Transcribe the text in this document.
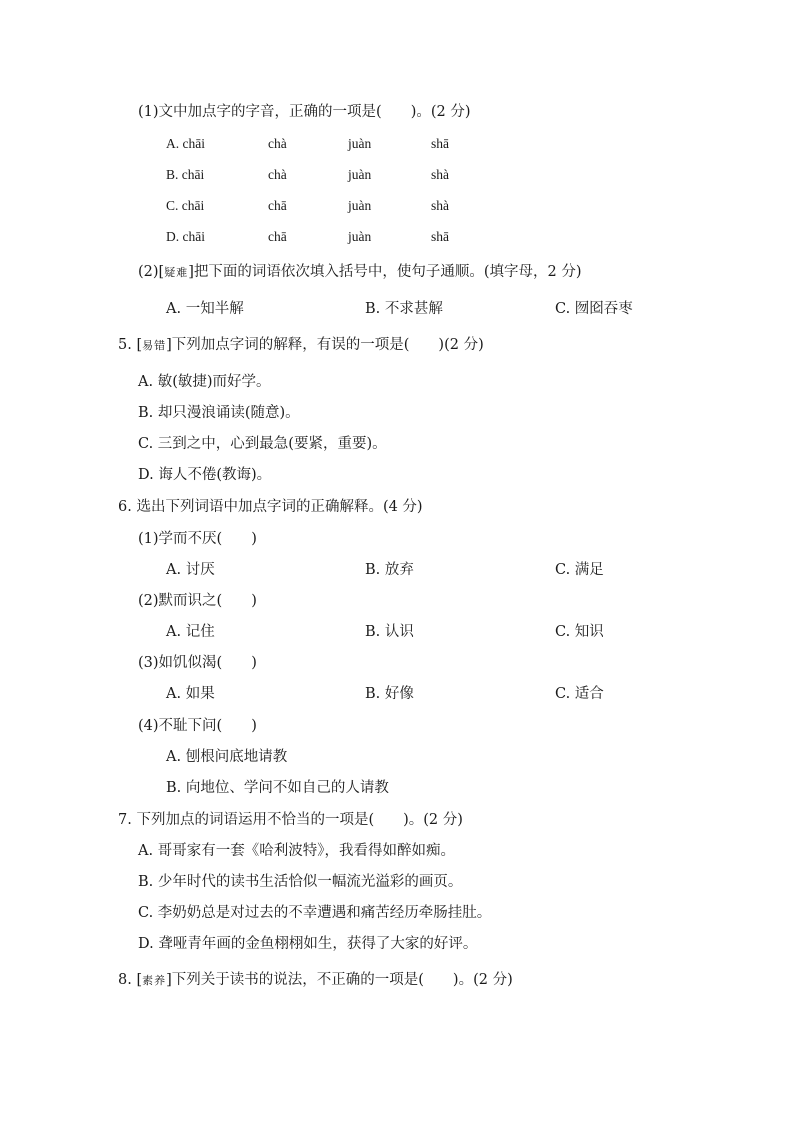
(1)文中加点字的字音，正确的一项是(　　)。(2 分)
A. chāi	chà	juàn	shā
B. chāi	chà	juàn	shà
C. chāi	chā	juàn	shà
D. chāi	chā	juàn	shā
(2)[疑难]把下面的词语依次填入括号中，使句子通顺。(填字母，2 分)
A. 一知半解	B. 不求甚解	C. 囫囵吞枣
5. [易错]下列加点字词的解释，有误的一项是(　　)(2 分)
A. 敏(敏捷)而好学。
B. 却只漫浪诵读(随意)。
C. 三到之中，心到最急(要紧，重要)。
D. 诲人不倦(教诲)。
6. 选出下列词语中加点字词的正确解释。(4 分)
(1)学而不厌(　　)
A. 讨厌	B. 放弃	C. 满足
(2)默而识之(　　)
A. 记住	B. 认识	C. 知识
(3)如饥似渴(　　)
A. 如果	B. 好像	C. 适合
(4)不耻下问(　　)
A. 刨根问底地请教
B. 向地位、学问不如自己的人请教
7. 下列加点的词语运用不恰当的一项是(　　)。(2 分)
A. 哥哥家有一套《哈利波特》，我看得如醉如痴。
B. 少年时代的读书生活恰似一幅流光溢彩的画页。
C. 李奶奶总是对过去的不幸遭遇和痛苦经历牵肠挂肚。
D. 聋哑青年画的金鱼栩栩如生，获得了大家的好评。
8. [素养]下列关于读书的说法，不正确的一项是(　　)。(2 分)
